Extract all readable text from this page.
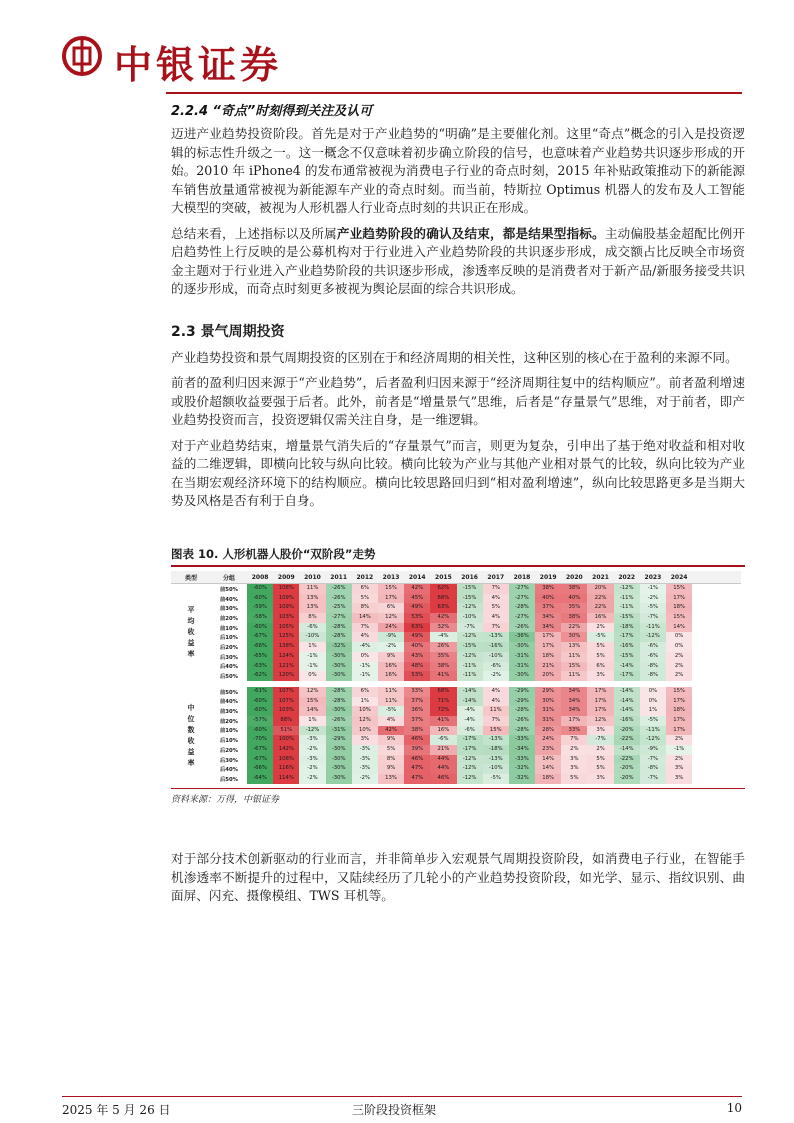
中银证券
2.2.4 “奇点”时刻得到关注及认可

迈进产业趋势投资阶段。首先是对于产业趋势的“明确”是主要催化剂。这里“奇点”概念的引入是投资逻辑的标志性升级之一。这一概念不仅意味着初步确立阶段的信号，也意味着产业趋势共识逐步形成的开始。2010 年 iPhone4 的发布通常被视为消费电子行业的奇点时刻，2015 年补贴政策推动下的新能源车销售放量通常被视为新能源车产业的奇点时刻。而当前，特斯拉 Optimus 机器人的发布及人工智能大模型的突破，被视为人形机器人行业奇点时刻的共识正在形成。

总结来看，上述指标以及所属产业趋势阶段的确认及结束，都是结果型指标。主动偏股基金超配比例开启趋势性上行反映的是公募机构对于行业进入产业趋势阶段的共识逐步形成，成交额占比反映全市场资金主题对于行业进入产业趋势阶段的共识逐步形成，渗透率反映的是消费者对于新产品/新服务接受共识的逐步形成，而奇点时刻更多被视为舆论层面的综合共识形成。

2.3 景气周期投资

产业趋势投资和景气周期投资的区别在于和经济周期的相关性，这种区别的核心在于盈利的来源不同。

前者的盈利归因来源于“产业趋势”，后者盈利归因来源于“经济周期往复中的结构顺应”。前者盈利增速或股价超额收益要强于后者。此外，前者是“增量景气”思维，后者是“存量景气”思维，对于前者，即产业趋势投资而言，投资逻辑仅需关注自身，是一维逻辑。

对于产业趋势结束，增量景气消失后的“存量景气”而言，则更为复杂，引申出了基于绝对收益和相对收益的二维逻辑，即横向比较与纵向比较。横向比较为产业与其他产业相对景气的比较，纵向比较为产业在当期宏观经济环境下的结构顺应。横向比较思路回归到“相对盈利增速”，纵向比较思路更多是当期大势及风格是否有利于自身。

图表 10. 人形机器人股价“双阶段”走势
类型	分组	2008	2009	2010	2011	2012	2013	2014	2015	2016	2017	2018	2019	2020	2021	2022	2023	2024
前50%	-60%	108%	11%	-26%	6%	15%	42%	62%	-15%	7%	-27%	38%	38%	20%	-12%	-1%	15%
前40%	-60%	109%	13%	-26%	5%	17%	45%	68%	-15%	4%	-27%	40%	40%	22%	-11%	-2%	17%
前30%	-59%	109%	13%	-25%	8%	6%	49%	63%	-12%	5%	-28%	37%	35%	22%	-11%	-5%	18%
前20%	-58%	103%	8%	-27%	14%	12%	53%	42%	-10%	4%	-27%	34%	38%	16%	-15%	-7%	15%
前10%	-60%	105%	-6%	-28%	7%	24%	63%	32%	-7%	7%	-26%	34%	22%	2%	-18%	-11%	14%
后10%	-67%	125%	-10%	-28%	4%	-9%	49%	-4%	-12%	-13%	-36%	17%	30%	-5%	-17%	-12%	0%
后20%	-66%	138%	1%	-32%	-4%	-2%	40%	26%	-15%	-16%	-30%	17%	13%	5%	-16%	-6%	0%
后30%	-65%	124%	-1%	-30%	0%	9%	43%	35%	-12%	-10%	-31%	18%	11%	5%	-15%	-6%	2%
后40%	-63%	121%	-1%	-30%	-1%	16%	48%	38%	-11%	-6%	-31%	21%	15%	6%	-14%	-8%	2%
后50%	-62%	120%	0%	-30%	-1%	16%	53%	41%	-11%	-2%	-30%	20%	11%	3%	-17%	-8%	2%
前50%	-61%	107%	12%	-28%	6%	11%	33%	68%	-14%	4%	-29%	29%	34%	17%	-14%	0%	15%
前40%	-60%	107%	15%	-28%	1%	11%	37%	71%	-14%	4%	-29%	30%	34%	17%	-14%	0%	17%
前30%	-60%	103%	14%	-30%	10%	-5%	36%	72%	-4%	11%	-28%	31%	34%	17%	-14%	1%	18%
前20%	-57%	88%	1%	-26%	12%	4%	37%	41%	-4%	7%	-26%	31%	17%	12%	-16%	-5%	17%
前10%	-60%	51%	-12%	-31%	10%	42%	38%	16%	-6%	15%	-28%	28%	33%	3%	-20%	-11%	17%
后10%	-70%	100%	-3%	-29%	3%	9%	46%	-6%	-17%	-13%	-33%	24%	7%	-7%	-22%	-12%	2%
后20%	-67%	142%	-2%	-30%	-3%	5%	39%	21%	-17%	-18%	-34%	23%	2%	2%	-14%	-9%	-1%
后30%	-67%	108%	-3%	-30%	-3%	8%	46%	44%	-12%	-13%	-33%	14%	3%	5%	-22%	-7%	2%
后40%	-66%	116%	-2%	-30%	-3%	9%	47%	44%	-12%	-10%	-32%	14%	3%	5%	-20%	-8%	3%
后50%	-64%	114%	-2%	-30%	-2%	13%	47%	46%	-12%	-5%	-32%	18%	5%	3%	-20%	-7%	3%
平均收益率
中位数收益率
资料来源：万得，中银证券

对于部分技术创新驱动的行业而言，并非简单步入宏观景气周期投资阶段，如消费电子行业，在智能手机渗透率不断提升的过程中，又陆续经历了几轮小的产业趋势投资阶段，如光学、显示、指纹识别、曲面屏、闪充、摄像模组、TWS 耳机等。

2025 年 5 月 26 日	三阶段投资框架	10
